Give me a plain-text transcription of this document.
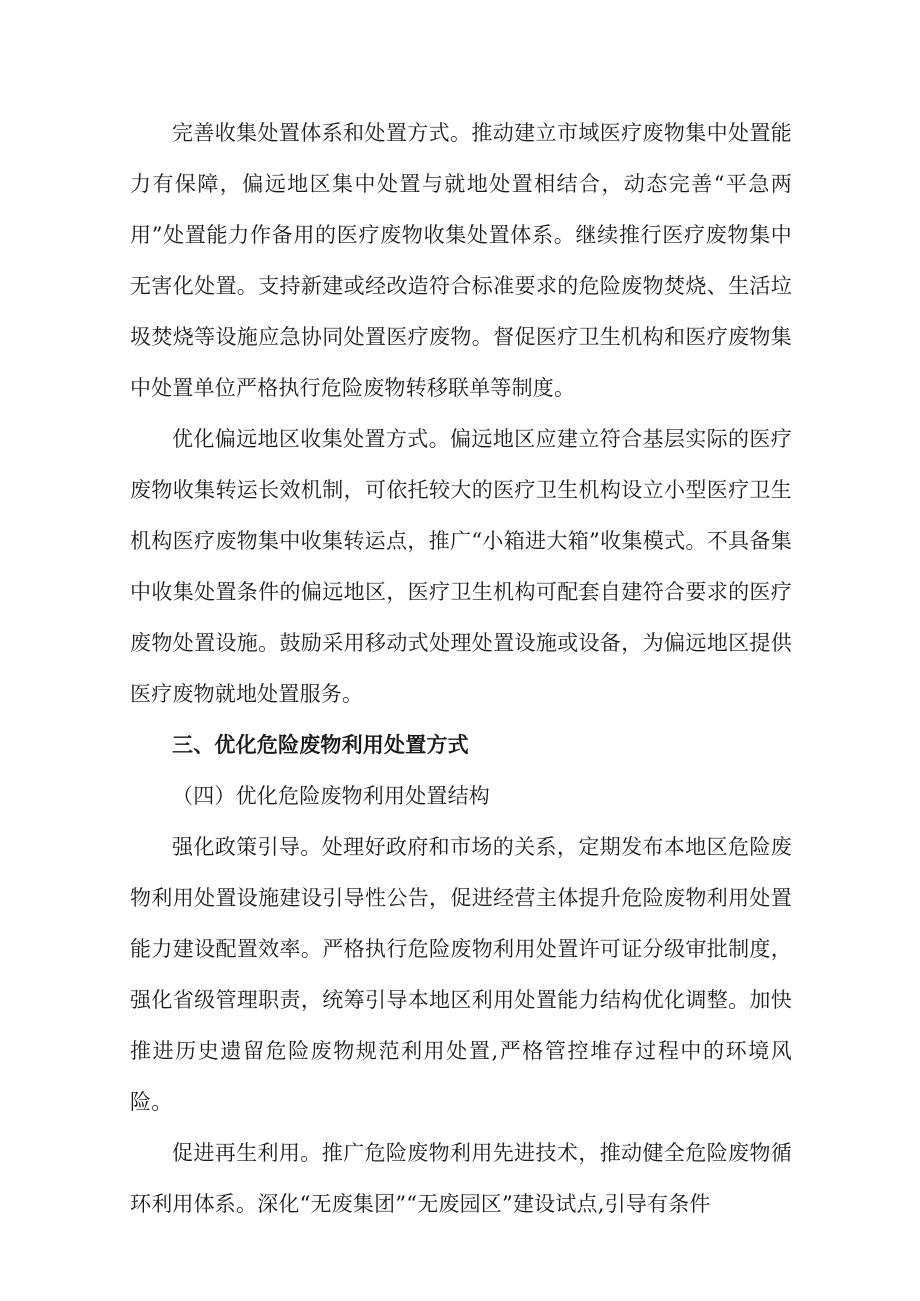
完善收集处置体系和处置方式。推动建立市域医疗废物集中处置能力有保障，偏远地区集中处置与就地处置相结合，动态完善“平急两用”处置能力作备用的医疗废物收集处置体系。继续推行医疗废物集中无害化处置。支持新建或经改造符合标准要求的危险废物焚烧、生活垃圾焚烧等设施应急协同处置医疗废物。督促医疗卫生机构和医疗废物集中处置单位严格执行危险废物转移联单等制度。

优化偏远地区收集处置方式。偏远地区应建立符合基层实际的医疗废物收集转运长效机制，可依托较大的医疗卫生机构设立小型医疗卫生机构医疗废物集中收集转运点，推广“小箱进大箱”收集模式。不具备集中收集处置条件的偏远地区，医疗卫生机构可配套自建符合要求的医疗废物处置设施。鼓励采用移动式处理处置设施或设备，为偏远地区提供医疗废物就地处置服务。

三、优化危险废物利用处置方式

（四）优化危险废物利用处置结构

强化政策引导。处理好政府和市场的关系，定期发布本地区危险废物利用处置设施建设引导性公告，促进经营主体提升危险废物利用处置能力建设配置效率。严格执行危险废物利用处置许可证分级审批制度，强化省级管理职责，统筹引导本地区利用处置能力结构优化调整。加快推进历史遗留危险废物规范利用处置,严格管控堆存过程中的环境风险。

促进再生利用。推广危险废物利用先进技术，推动健全危险废物循环利用体系。深化“无废集团”“无废园区”建设试点,引导有条件
